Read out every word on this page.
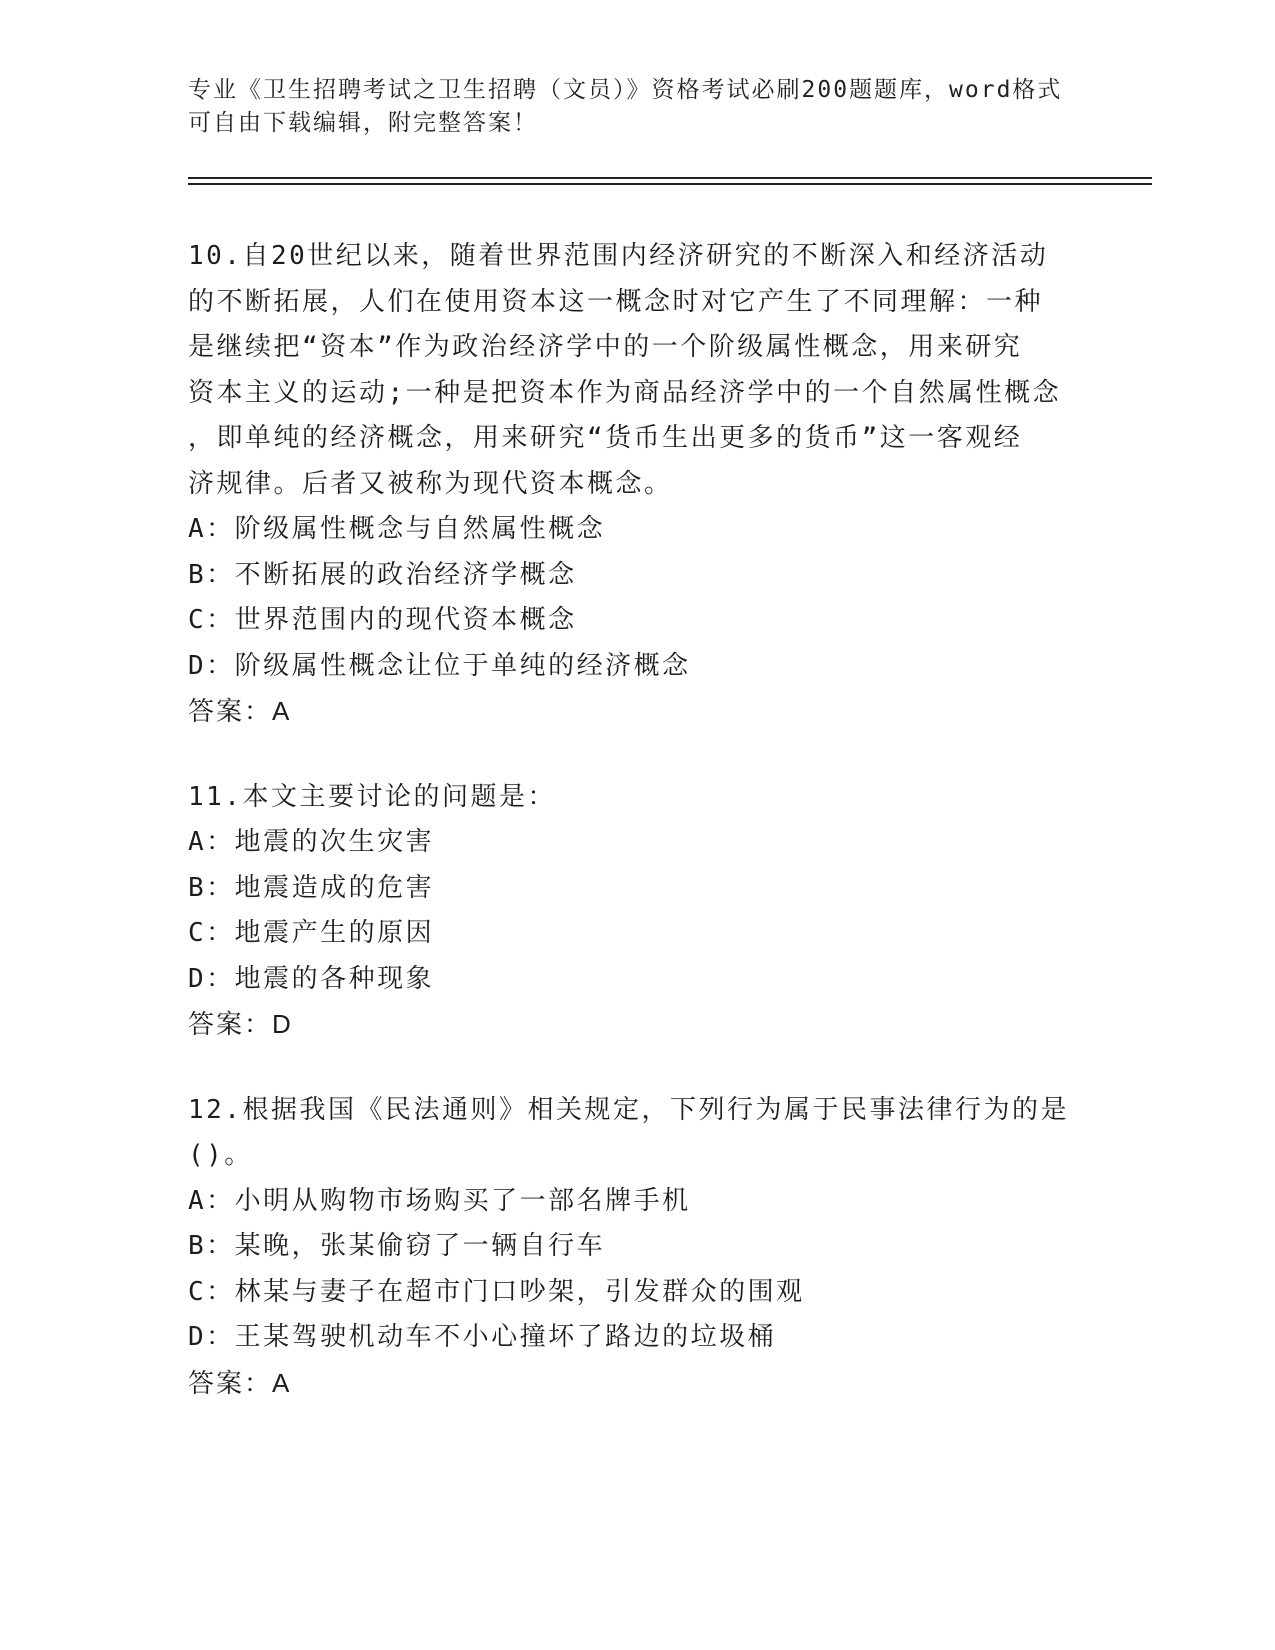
专业《卫生招聘考试之卫生招聘（文员）》资格考试必刷200题题库，word格式
可自由下载编辑，附完整答案！
10.自20世纪以来，随着世界范围内经济研究的不断深入和经济活动
的不断拓展，人们在使用资本这一概念时对它产生了不同理解：一种
是继续把“资本”作为政治经济学中的一个阶级属性概念，用来研究
资本主义的运动;一种是把资本作为商品经济学中的一个自然属性概念
，即单纯的经济概念，用来研究“货币生出更多的货币”这一客观经
济规律。后者又被称为现代资本概念。
A：阶级属性概念与自然属性概念
B：不断拓展的政治经济学概念
C：世界范围内的现代资本概念
D：阶级属性概念让位于单纯的经济概念
答案：A
11.本文主要讨论的问题是：
A：地震的次生灾害
B：地震造成的危害
C：地震产生的原因
D：地震的各种现象
答案：D
12.根据我国《民法通则》相关规定，下列行为属于民事法律行为的是
()。
A：小明从购物市场购买了一部名牌手机
B：某晚，张某偷窃了一辆自行车
C：林某与妻子在超市门口吵架，引发群众的围观
D：王某驾驶机动车不小心撞坏了路边的垃圾桶
答案：A
